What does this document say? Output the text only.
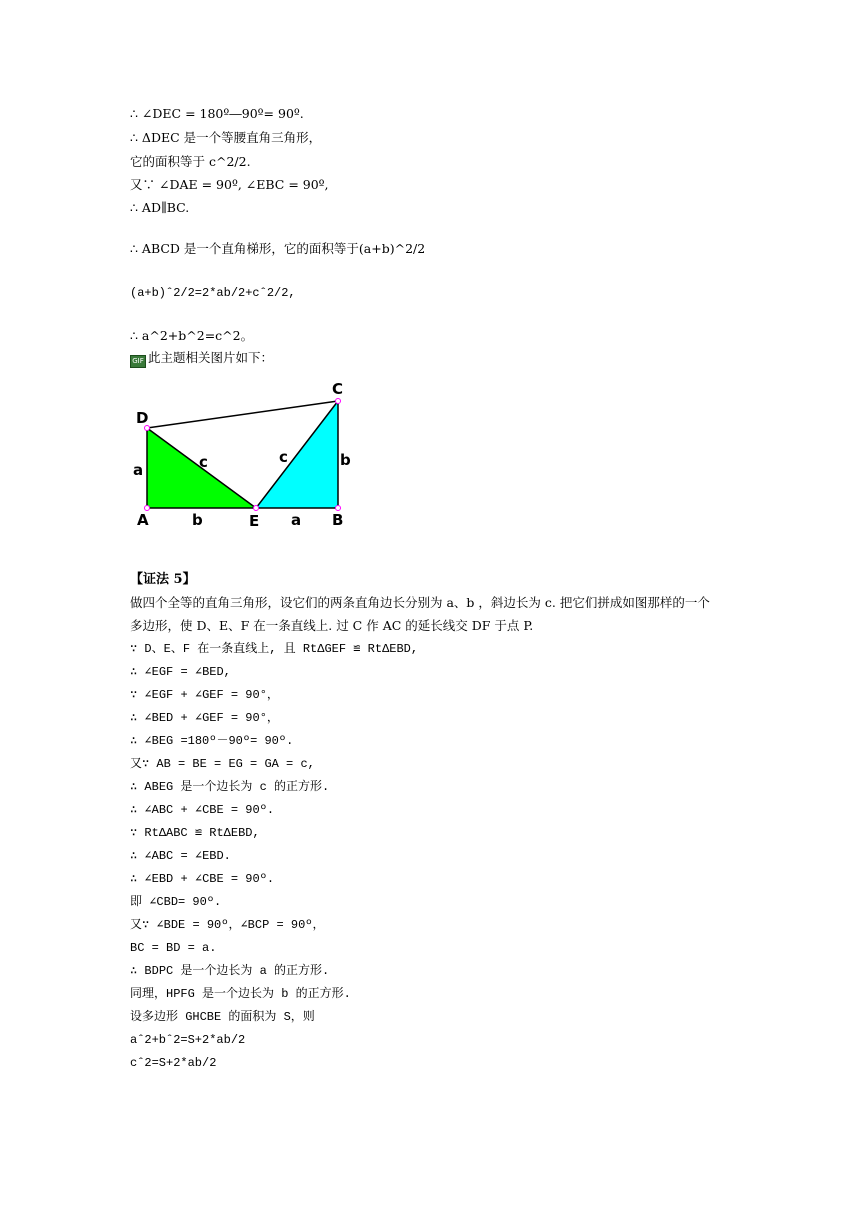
∴ ∠DEC = 180º―90º= 90º.
∴ ΔDEC 是一个等腰直角三角形，
它的面积等于 c^2/2.
又∵ ∠DAE = 90º, ∠EBC = 90º,
∴ AD∥BC.
∴ ABCD 是一个直角梯形，它的面积等于(a+b)^2/2
(a+b)ˆ2/2=2*ab/2+cˆ2/2,
∴ a^2+b^2=c^2。
GIF 此主题相关图片如下：
D
A	E	B
C
a
b
c	c	b
a
【证法 5】
做四个全等的直角三角形，设它们的两条直角边长分别为 a、b ，斜边长为 c. 把它们拼成如图那样的一个
多边形，使 D、E、F 在一条直线上. 过 C 作 AC 的延长线交 DF 于点 P.
∵ D、E、F 在一条直线上, 且 RtΔGEF ≌ RtΔEBD,
∴ ∠EGF = ∠BED,
∵ ∠EGF + ∠GEF = 90°，
∴ ∠BED + ∠GEF = 90°，
∴ ∠BEG =180º－90º= 90º.
又∵ AB = BE = EG = GA = c,
∴ ABEG 是一个边长为 c 的正方形.
∴ ∠ABC + ∠CBE = 90º.
∵ RtΔABC ≌ RtΔEBD,
∴ ∠ABC = ∠EBD.
∴ ∠EBD + ∠CBE = 90º.
即 ∠CBD= 90º.
又∵ ∠BDE = 90º，∠BCP = 90º，
BC = BD = a.
∴ BDPC 是一个边长为 a 的正方形.
同理，HPFG 是一个边长为 b 的正方形.
设多边形 GHCBE 的面积为 S，则
aˆ2+bˆ2=S+2*ab/2
cˆ2=S+2*ab/2
